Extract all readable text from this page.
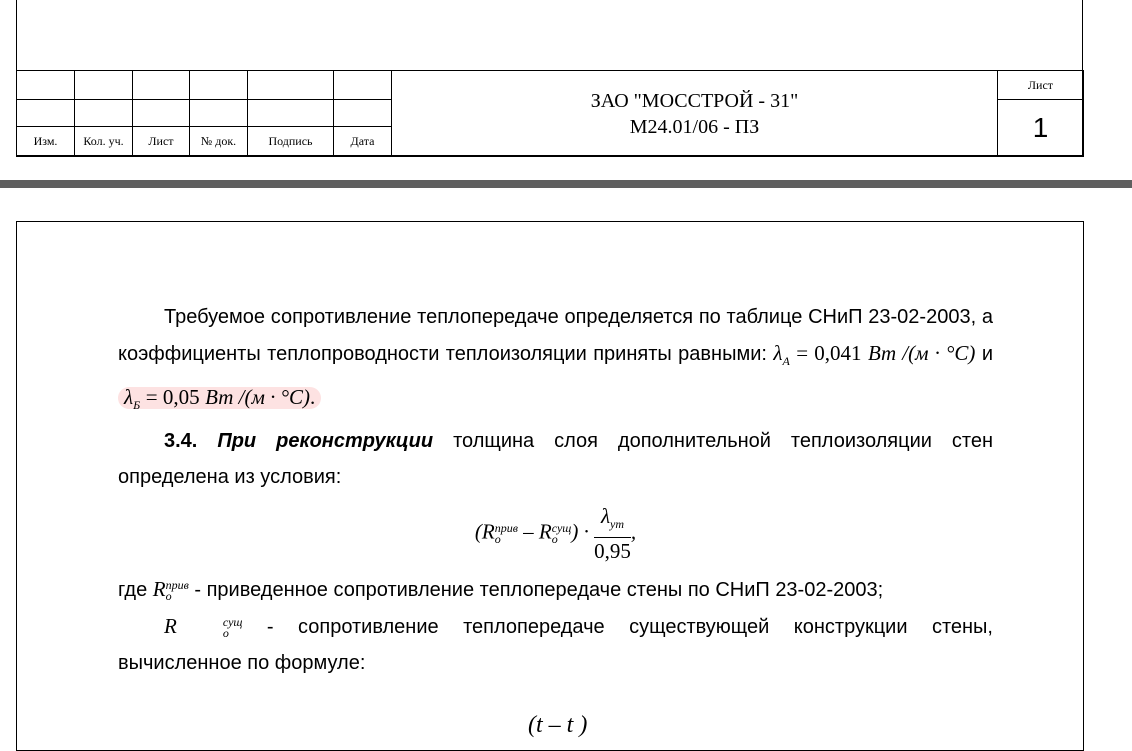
						ЗАО "МОССТРОЙ - 31"
М24.01/06 - ПЗ	Лист
							1
Изм.	Кол. уч.	Лист	№ док.	Подпись	Дата		

Требуемое сопротивление теплопередаче определяется по таблице СНиП 23-02-2003, а коэффициенты теплопроводности теплоизоляции приняты равными: $\lambda_А = 0,041$ Вт /(м · °С) и $\lambda_Б = 0,05$ Вт /(м · °С).

3.4. При реконструкции толщина слоя дополнительной теплоизоляции стен определена из условия:

(R прив
o	– R сущ
o ) · $\frac{\lambda_{ут}}{0,95}$ ,

где R прив
o	- приведенное сопротивление теплопередаче стены по СНиП 23-02-2003;

R	сущ
o	- сопротивление теплопередаче существующей конструкции стены, вычисленное по формуле:

(t – t )
